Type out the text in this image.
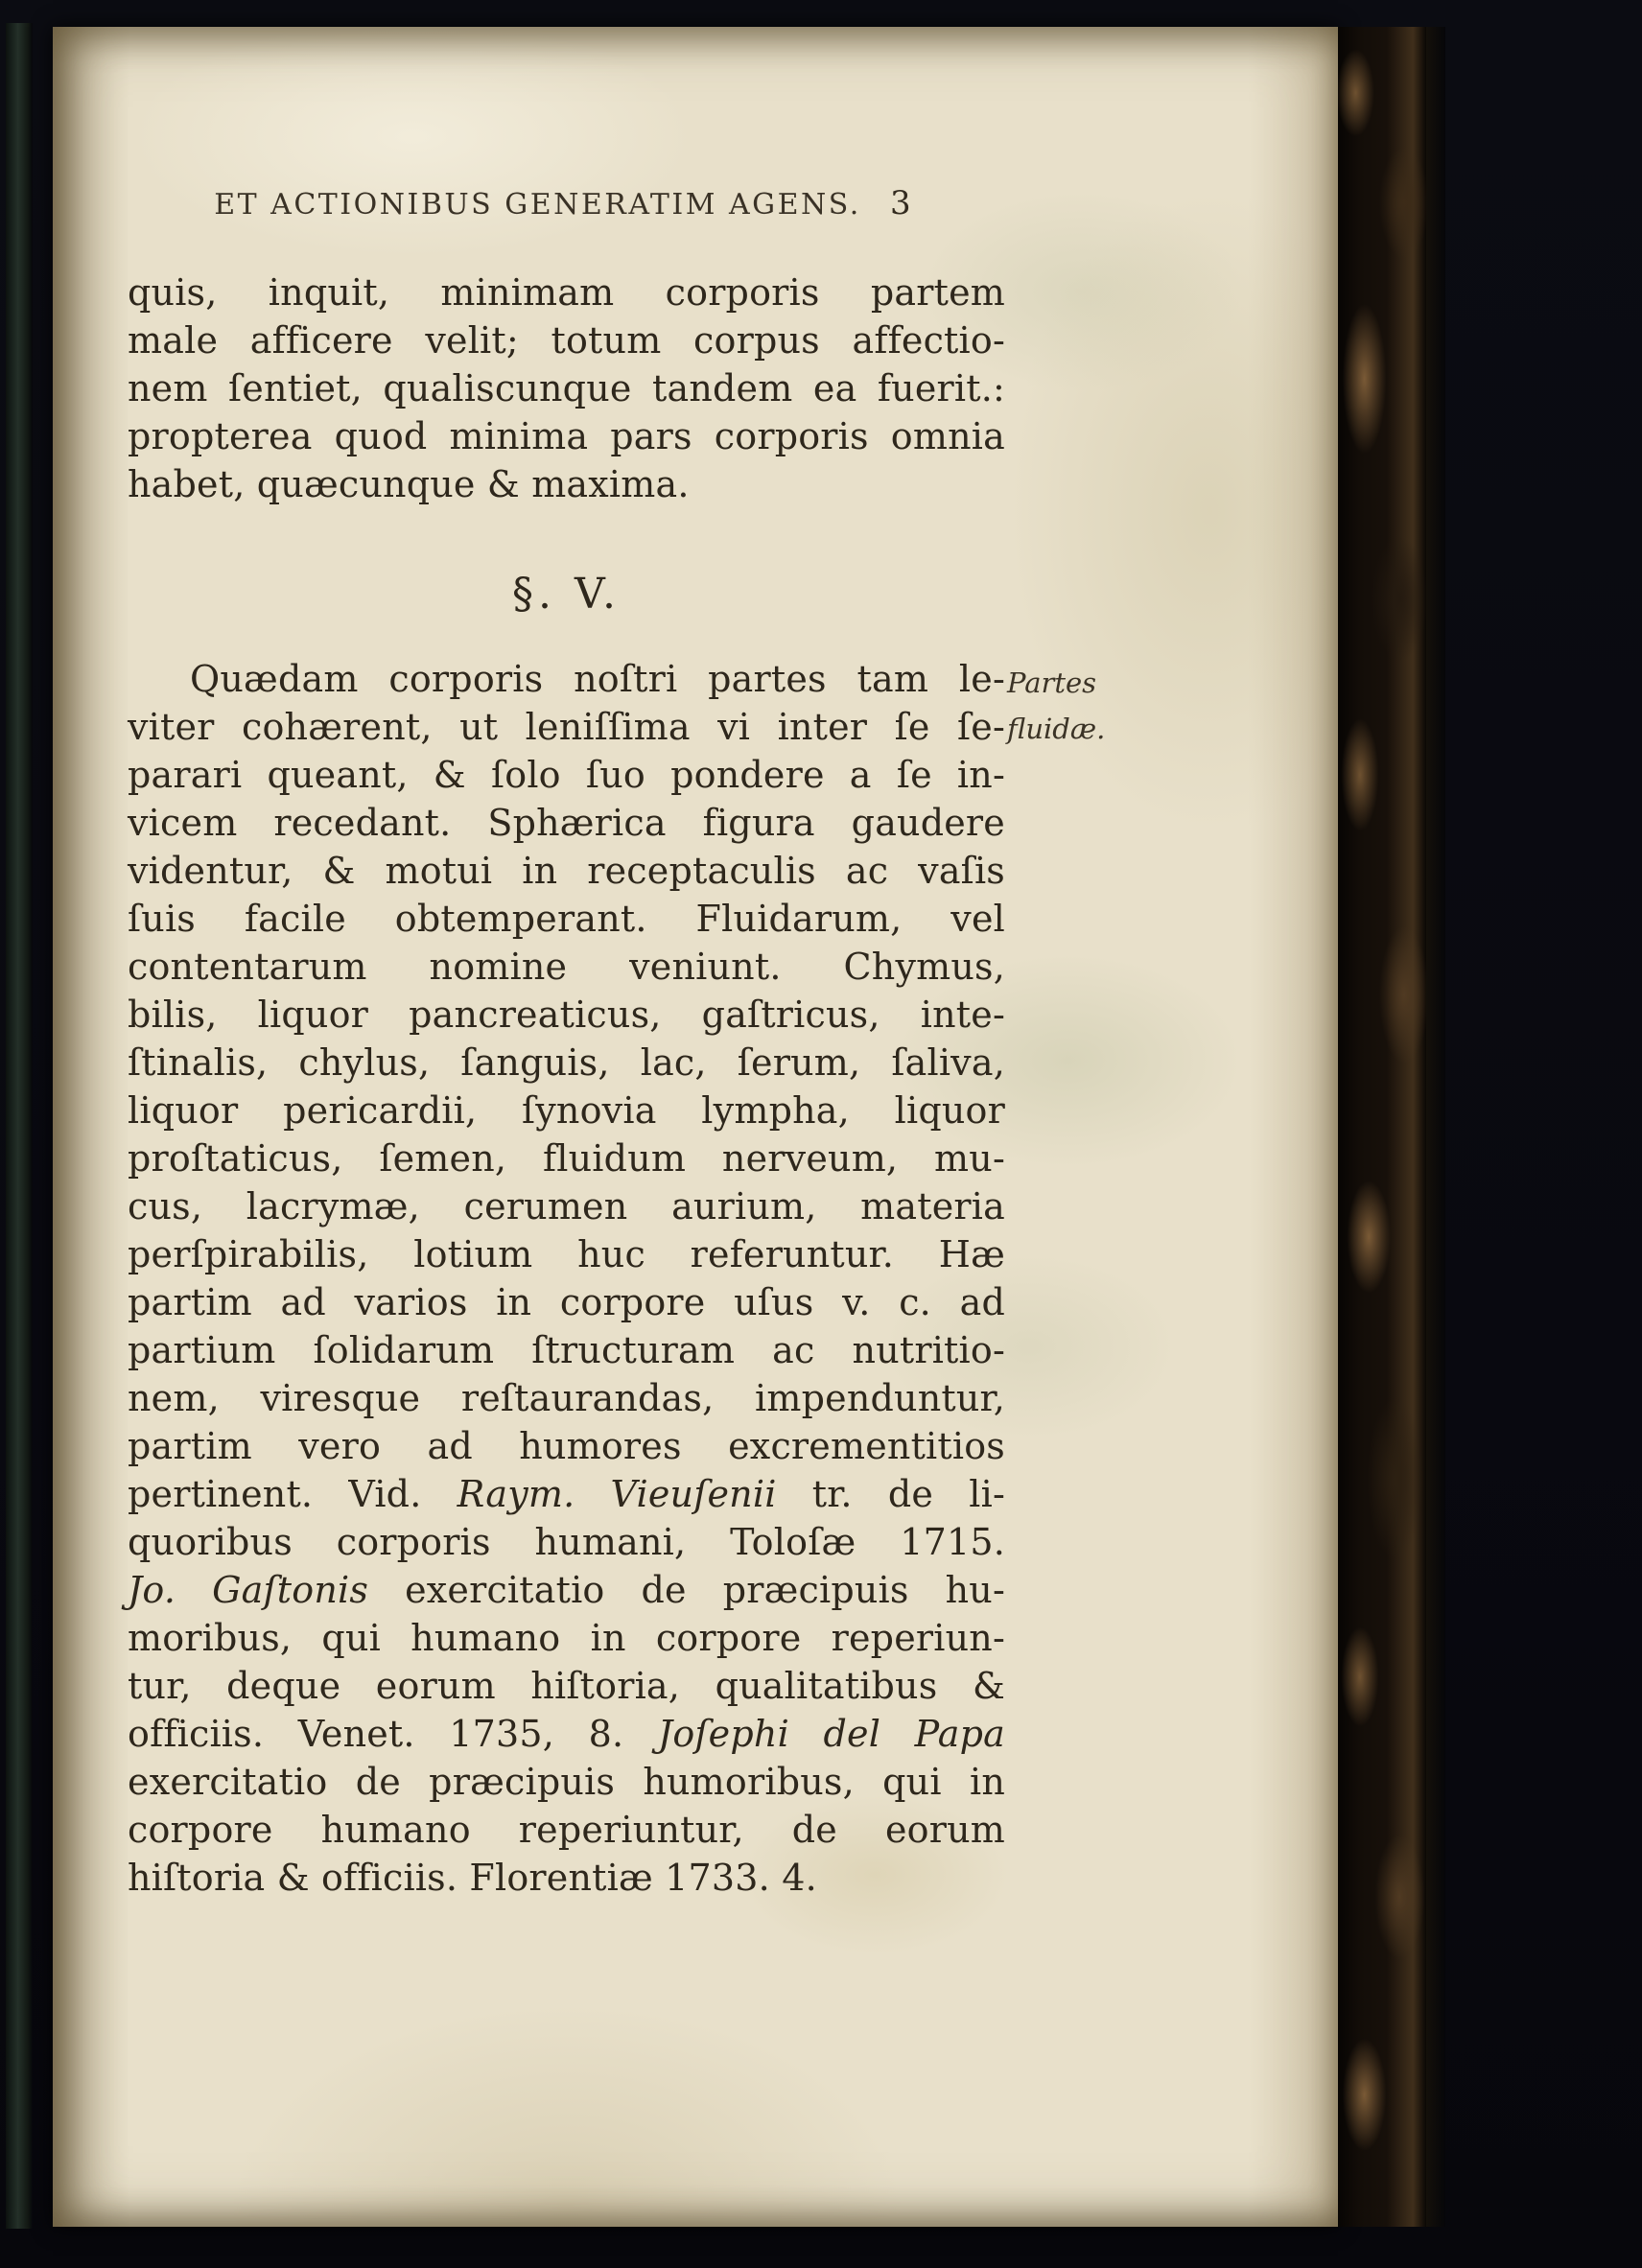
ET ACTIONIBUS GENERATIM AGENS. 3
quis, inquit, minimam corporis partem
male afficere velit; totum corpus affectio-
nem ſentiet, qualiscunque tandem ea fuerit.:
propterea quod minima pars corporis omnia
habet, quæcunque & maxima.
§. V.
Quædam corporis noſtri partes tam le-
viter cohærent, ut leniſſima vi inter ſe ſe-
parari queant, & ſolo ſuo pondere a ſe in-
vicem recedant. Sphærica figura gaudere
videntur, & motui in receptaculis ac vaſis
ſuis facile obtemperant. Fluidarum, vel
contentarum nomine veniunt. Chymus,
bilis, liquor pancreaticus, gaſtricus, inte-
ſtinalis, chylus, ſanguis, lac, ſerum, ſaliva,
liquor pericardii, ſynovia lympha, liquor
proſtaticus, ſemen, fluidum nerveum, mu-
cus, lacrymæ, cerumen aurium, materia
perſpirabilis, lotium huc referuntur. Hæ
partim ad varios in corpore uſus v. c. ad
partium ſolidarum ſtructuram ac nutritio-
nem, viresque reſtaurandas, impenduntur,
partim vero ad humores excrementitios
pertinent. Vid. Raym. Vieuſenii tr. de li-
quoribus corporis humani, Toloſæ 1715.
Jo. Gaſtonis exercitatio de præcipuis hu-
moribus, qui humano in corpore reperiun-
tur, deque eorum hiſtoria, qualitatibus &
officiis. Venet. 1735, 8. Joſephi del Papa
exercitatio de præcipuis humoribus, qui in
corpore humano reperiuntur, de eorum
hiſtoria & officiis. Florentiæ 1733. 4.
Partes
fluidæ.
